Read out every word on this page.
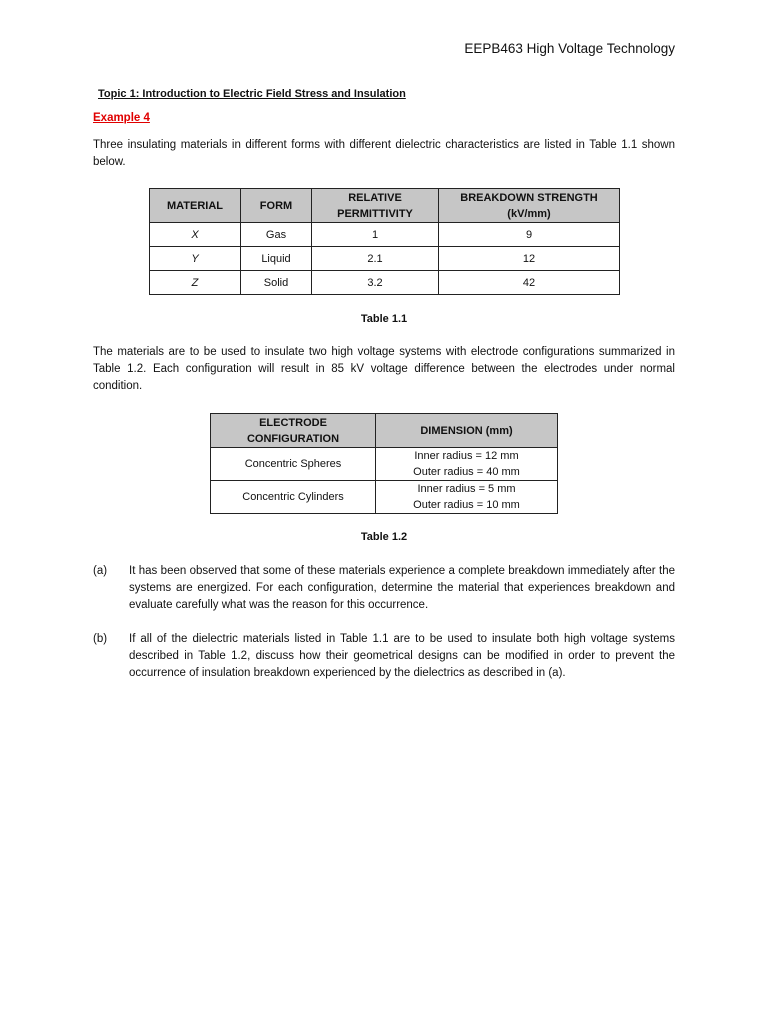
EEPB463 High Voltage Technology
Topic 1: Introduction to Electric Field Stress and Insulation
Example 4
Three insulating materials in different forms with different dielectric characteristics are listed in Table 1.1 shown below.
MATERIAL	FORM	RELATIVE PERMITTIVITY	BREAKDOWN STRENGTH (kV/mm)
X	Gas	1	9
Y	Liquid	2.1	12
Z	Solid	3.2	42
Table 1.1
The materials are to be used to insulate two high voltage systems with electrode configurations summarized in Table 1.2. Each configuration will result in 85 kV voltage difference between the electrodes under normal condition.
ELECTRODE CONFIGURATION	DIMENSION (mm)
Concentric Spheres	Inner radius = 12 mm
Outer radius = 40 mm

Concentric Cylinders	Inner radius = 5 mm
Outer radius = 10 mm
Table 1.2
(a) It has been observed that some of these materials experience a complete breakdown immediately after the systems are energized. For each configuration, determine the material that experiences breakdown and evaluate carefully what was the reason for this occurrence.
(b) If all of the dielectric materials listed in Table 1.1 are to be used to insulate both high voltage systems described in Table 1.2, discuss how their geometrical designs can be modified in order to prevent the occurrence of insulation breakdown experienced by the dielectrics as described in (a).
